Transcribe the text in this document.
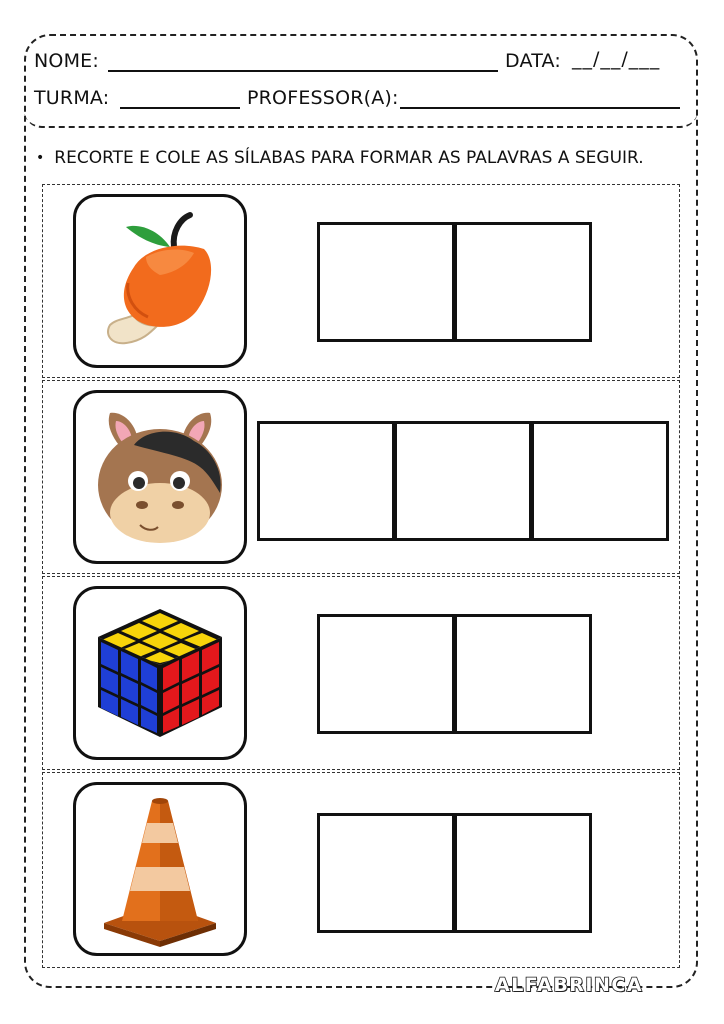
NOME:	DATA: __/__/___
TURMA:	PROFESSOR(A):
• RECORTE E COLE AS SÍLABAS PARA FORMAR AS PALAVRAS A SEGUIR.
ALFABRINCA
